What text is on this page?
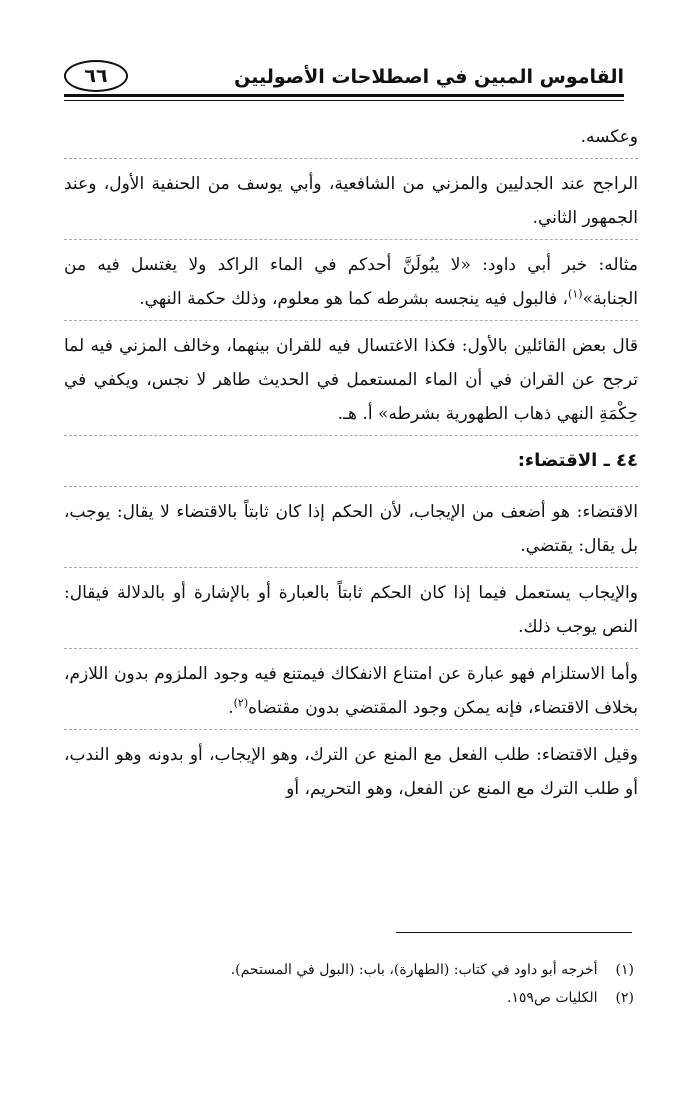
القاموس المبين في اصطلاحات الأصوليين
٦٦

وعكسه.

الراجح عند الجدليين والمزني من الشافعية، وأبي يوسف من الحنفية الأول، وعند الجمهور الثاني.

مثاله: خبر أبي داود: «لا يبُولَنَّ أحدكم في الماء الراكد ولا يغتسل فيه من الجنابة»$^{(١)}$، فالبول فيه ينجسه بشرطه كما هو معلوم، وذلك حكمة النهي.

قال بعض القائلين بالأول: فكذا الاغتسال فيه للقران بينهما، وخالف المزني فيه لما ترجح عن القران في أن الماء المستعمل في الحديث طاهر لا نجس، ويكفي في حِكْمَةِ النهي ذهاب الطهورية بشرطه» أ. هـ.

٤٤ ـ الاقتضاء:

الاقتضاء: هو أضعف من الإيجاب، لأن الحكم إذا كان ثابتاً بالاقتضاء لا يقال: يوجب، بل يقال: يقتضي.

والإيجاب يستعمل فيما إذا كان الحكم ثابتاً بالعبارة أو بالإشارة أو بالدلالة فيقال: النص يوجب ذلك.

وأما الاستلزام فهو عبارة عن امتناع الانفكاك فيمتنع فيه وجود الملزوم بدون اللازم، بخلاف الاقتضاء، فإنه يمكن وجود المقتضي بدون مقتضاه$^{(٢)}$.

وقيل الاقتضاء: طلب الفعل مع المنع عن الترك، وهو الإيجاب، أو بدونه وهو الندب، أو طلب الترك مع المنع عن الفعل، وهو التحريم، أو

(١)أخرجه أبو داود في كتاب: (الطهارة)، باب: (البول في المستحم).
(٢)الكليات ص١٥٩.
